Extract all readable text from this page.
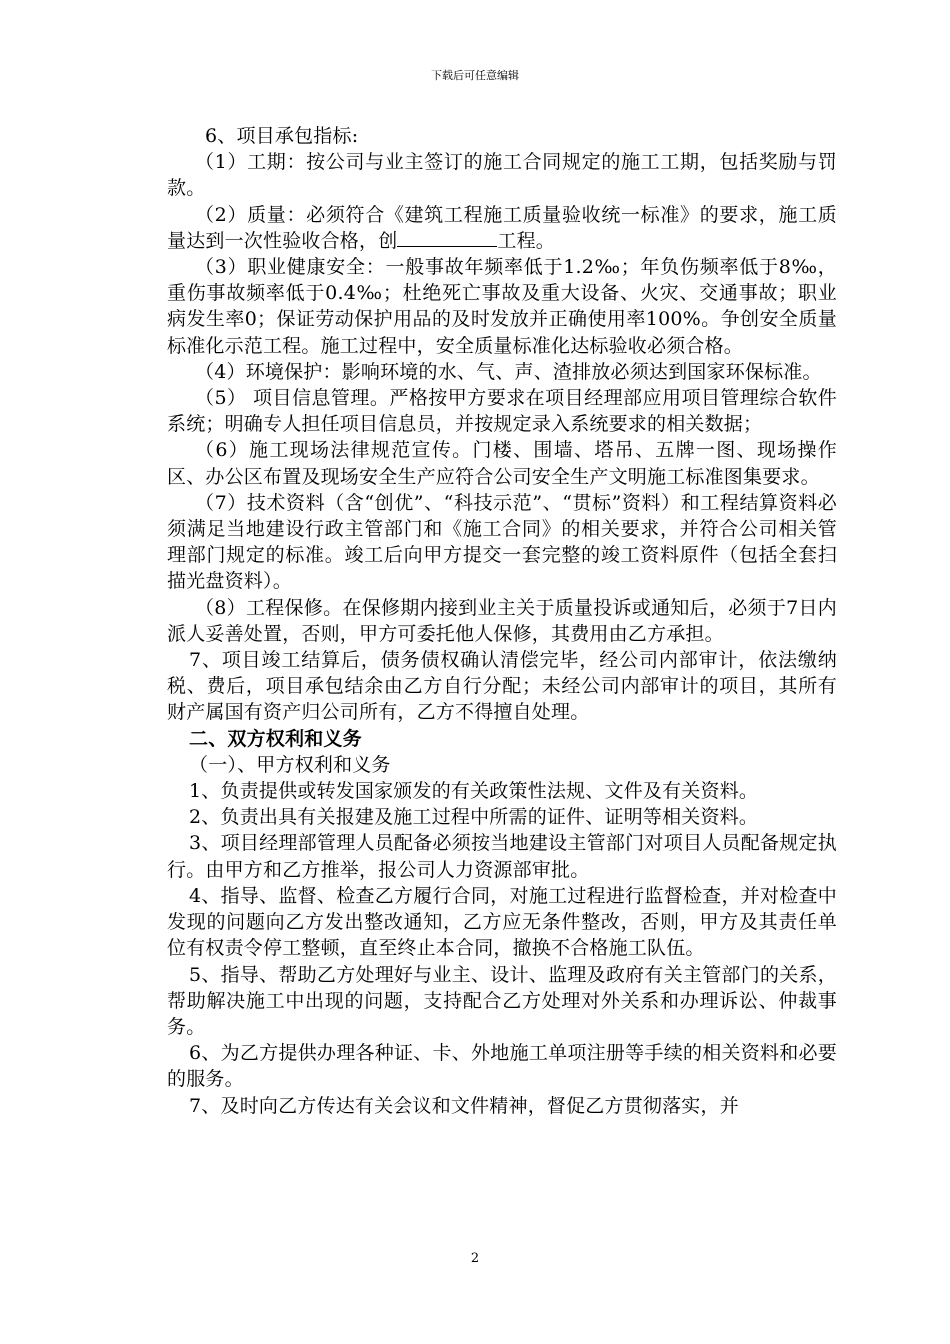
下载后可任意编辑

6、项目承包指标:

（1）工期：按公司与业主签订的施工合同规定的施工工期，包括奖励与罚款。

（2）质量：必须符合《建筑工程施工质量验收统一标准》的要求，施工质量达到一次性验收合格，创	工程。

（3）职业健康安全：一般事故年频率低于1.2‰；年负伤频率低于8‰，重伤事故频率低于0.4‰；杜绝死亡事故及重大设备、火灾、交通事故；职业病发生率0；保证劳动保护用品的及时发放并正确使用率100%。争创安全质量标准化示范工程。施工过程中，安全质量标准化达标验收必须合格。

（4）环境保护：影响环境的水、气、声、渣排放必须达到国家环保标准。

（5） 项目信息管理。严格按甲方要求在项目经理部应用项目管理综合软件系统；明确专人担任项目信息员，并按规定录入系统要求的相关数据；

（6）施工现场法律规范宣传。门楼、围墙、塔吊、五牌一图、现场操作区、办公区布置及现场安全生产应符合公司安全生产文明施工标准图集要求。

（7）技术资料（含“创优”、“科技示范”、“贯标”资料）和工程结算资料必须满足当地建设行政主管部门和《施工合同》的相关要求，并符合公司相关管理部门规定的标准。竣工后向甲方提交一套完整的竣工资料原件（包括全套扫描光盘资料）。

（8）工程保修。在保修期内接到业主关于质量投诉或通知后，必须于7日内派人妥善处置，否则，甲方可委托他人保修，其费用由乙方承担。

7、项目竣工结算后，债务债权确认清偿完毕，经公司内部审计，依法缴纳税、费后，项目承包结余由乙方自行分配；未经公司内部审计的项目，其所有财产属国有资产归公司所有，乙方不得擅自处理。

二、双方权利和义务

（一）、甲方权利和义务

1、负责提供或转发国家颁发的有关政策性法规、文件及有关资料。

2、负责出具有关报建及施工过程中所需的证件、证明等相关资料。

3、项目经理部管理人员配备必须按当地建设主管部门对项目人员配备规定执行。由甲方和乙方推举，报公司人力资源部审批。

4、指导、监督、检查乙方履行合同，对施工过程进行监督检查，并对检查中发现的问题向乙方发出整改通知，乙方应无条件整改，否则，甲方及其责任单位有权责令停工整顿，直至终止本合同，撤换不合格施工队伍。

5、指导、帮助乙方处理好与业主、设计、监理及政府有关主管部门的关系，帮助解决施工中出现的问题，支持配合乙方处理对外关系和办理诉讼、仲裁事务。

6、为乙方提供办理各种证、卡、外地施工单项注册等手续的相关资料和必要的服务。

7、及时向乙方传达有关会议和文件精神，督促乙方贯彻落实，并

2
